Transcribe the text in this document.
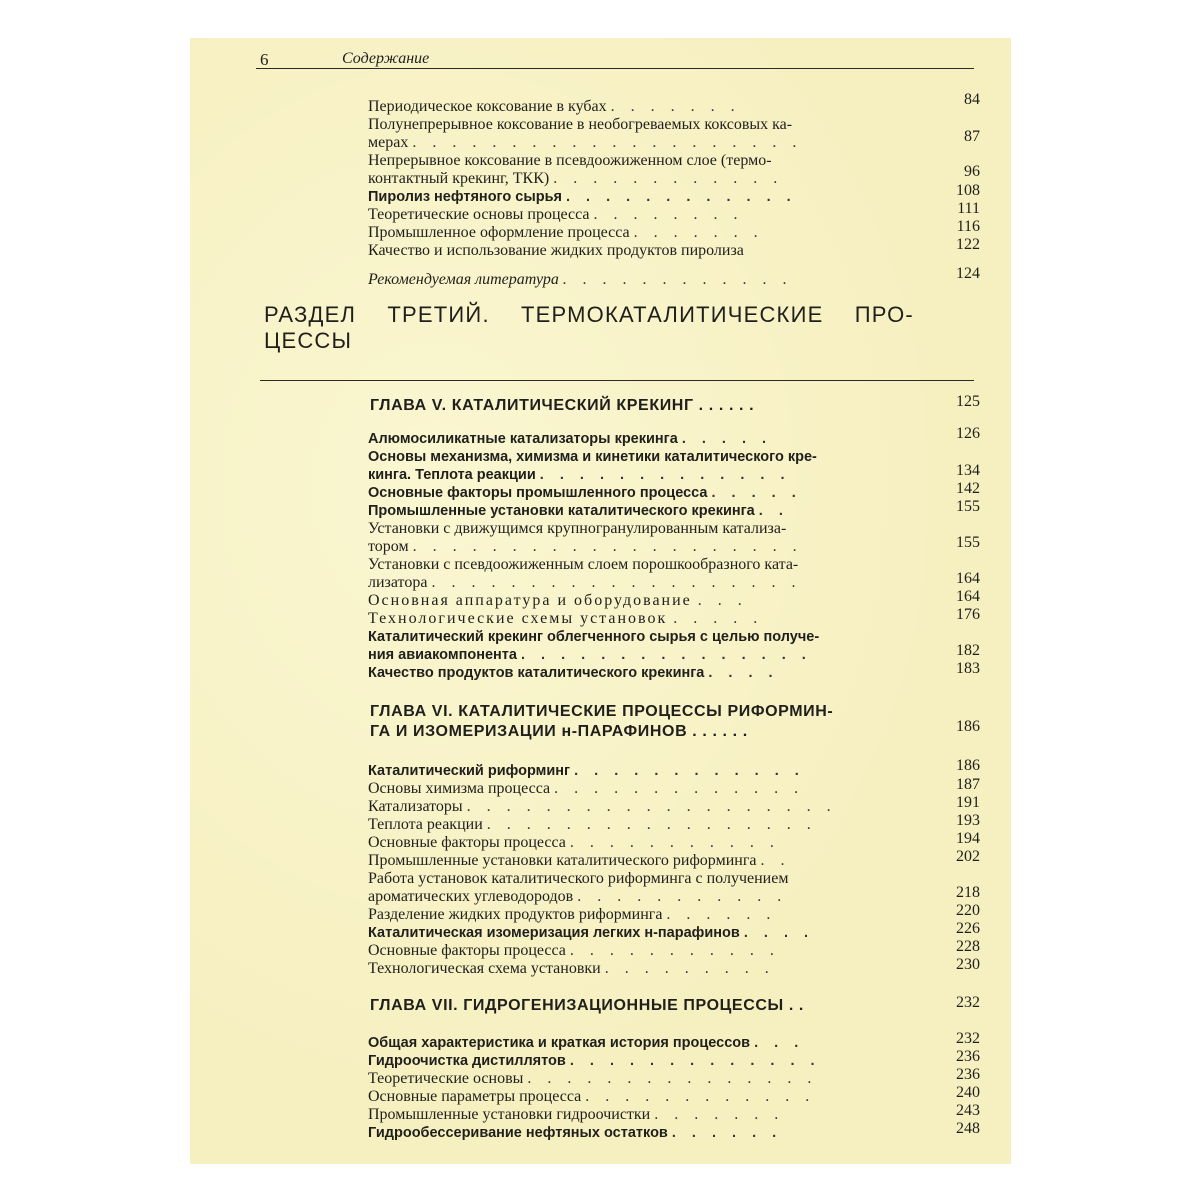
6	Содержание
Периодическое коксование в кубах . . . . . . .	84
Полунепрерывное коксование в необогреваемых коксовых ка-
мерах . . . . . . . . . . . . . . . . . . . .	87
Непрерывное коксование в псевдоожиженном слое (термо-
контактный крекинг, ТКК) . . . . . . . . . . . .	96
Пиролиз нефтяного сырья . . . . . . . . . . . .	108
Теоретические основы процесса . . . . . . . .	111
Промышленное оформление процесса . . . . . . .	116
Качество и использование жидких продуктов пиролиза	122
Рекомендуемая литература . . . . . . . . . . . .	124
РАЗДЕЛ ТРЕТИЙ. ТЕРМОКАТАЛИТИЧЕСКИЕ ПРО-
ЦЕССЫ
ГЛАВА V. КАТАЛИТИЧЕСКИЙ КРЕКИНГ . . . . . .	125
Алюмосиликатные катализаторы крекинга . . . . .	126
Основы механизма, химизма и кинетики каталитического кре-
кинга. Теплота реакции . . . . . . . . . . . . .	134
Основные факторы промышленного процесса . . . . .	142
Промышленные установки каталитического крекинга . .	155
Установки с движущимся крупногранулированным катализа-
тором . . . . . . . . . . . . . . . . . . . .	155
Установки с псевдоожиженным слоем порошкообразного ката-
лизатора . . . . . . . . . . . . . . . . . . .	164
Основная аппаратура и оборудование . . .	164
Технологические схемы установок . . . . .	176
Каталитический крекинг облегченного сырья с целью получе-
ния авиакомпонента . . . . . . . . . . . . . . .	182
Качество продуктов каталитического крекинга . . . .	183
ГЛАВА VI. КАТАЛИТИЧЕСКИЕ ПРОЦЕССЫ РИФОРМИН-
ГА И ИЗОМЕРИЗАЦИИ н-ПАРАФИНОВ . . . . . .	186
Каталитический риформинг . . . . . . . . . . . .	186
Основы химизма процесса . . . . . . . . . . . . .	187
Катализаторы . . . . . . . . . . . . . . . . . . .	191
Теплота реакции . . . . . . . . . . . . . . . . .	193
Основные факторы процесса . . . . . . . . . . .	194
Промышленные установки каталитического риформинга . .	202
Работа установок каталитического риформинга с получением
ароматических углеводородов . . . . . . . . . . .	218
Разделение жидких продуктов риформинга . . . . . .	220
Каталитическая изомеризация легких н-парафинов . . . .	226
Основные факторы процесса . . . . . . . . . . .	228
Технологическая схема установки . . . . . . . . .	230
ГЛАВА VII. ГИДРОГЕНИЗАЦИОННЫЕ ПРОЦЕССЫ . .	232
Общая характеристика и краткая история процессов . . .	232
Гидроочистка дистиллятов . . . . . . . . . . . . .	236
Теоретические основы . . . . . . . . . . . . . . .	236
Основные параметры процесса . . . . . . . . . . . .	240
Промышленные установки гидроочистки . . . . . . .	243
Гидрообессеривание нефтяных остатков . . . . . .	248
